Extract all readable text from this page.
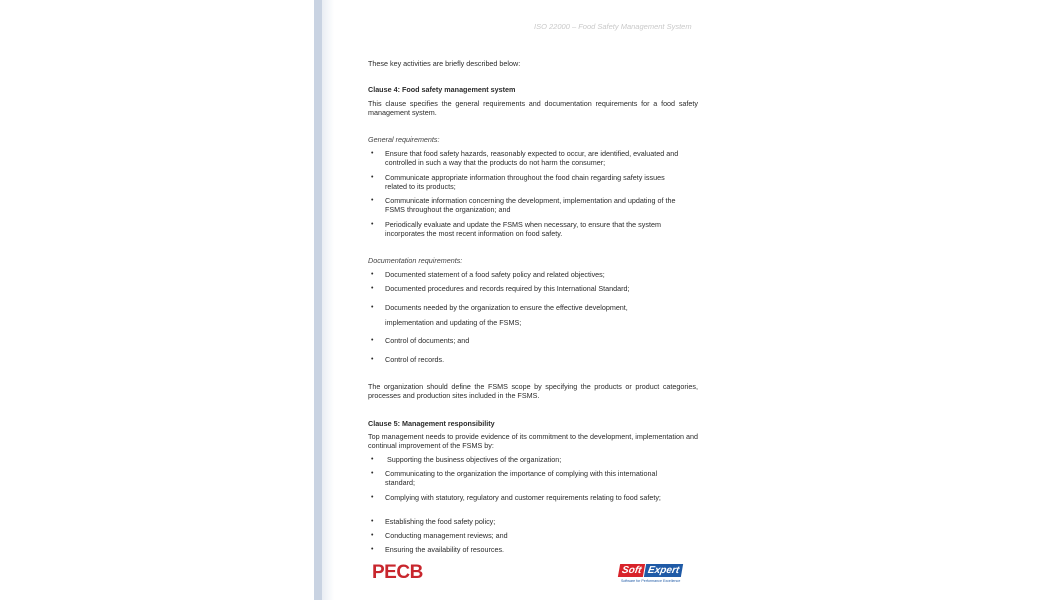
ISO 22000 – Food Safety Management System
These key activities are briefly described below:
Clause 4: Food safety management system
This clause specifies the general requirements and documentation requirements for a food safety management system.
General requirements:
• Ensure that food safety hazards, reasonably expected to occur, are identified, evaluated and controlled in such a way that the products do not harm the consumer;
• Communicate appropriate information throughout the food chain regarding safety issues related to its products;
• Communicate information concerning the development, implementation and updating of the FSMS throughout the organization; and
• Periodically evaluate and update the FSMS when necessary, to ensure that the system incorporates the most recent information on food safety.
Documentation requirements:
• Documented statement of a food safety policy and related objectives;
• Documented procedures and records required by this International Standard;
• Documents needed by the organization to ensure the effective development,
implementation and updating of the FSMS;
• Control of documents; and
• Control of records.
The organization should define the FSMS scope by specifying the products or product categories, processes and production sites included in the FSMS.
Clause 5: Management responsibility
Top management needs to provide evidence of its commitment to the development, implementation and continual improvement of the FSMS by:
• Supporting the business objectives of the organization;
• Communicating to the organization the importance of complying with this international standard;
• Complying with statutory, regulatory and customer requirements relating to food safety;
• Establishing the food safety policy;
• Conducting management reviews; and
• Ensuring the availability of resources.
PECB	Soft Expert
Software for Performance Excellence
